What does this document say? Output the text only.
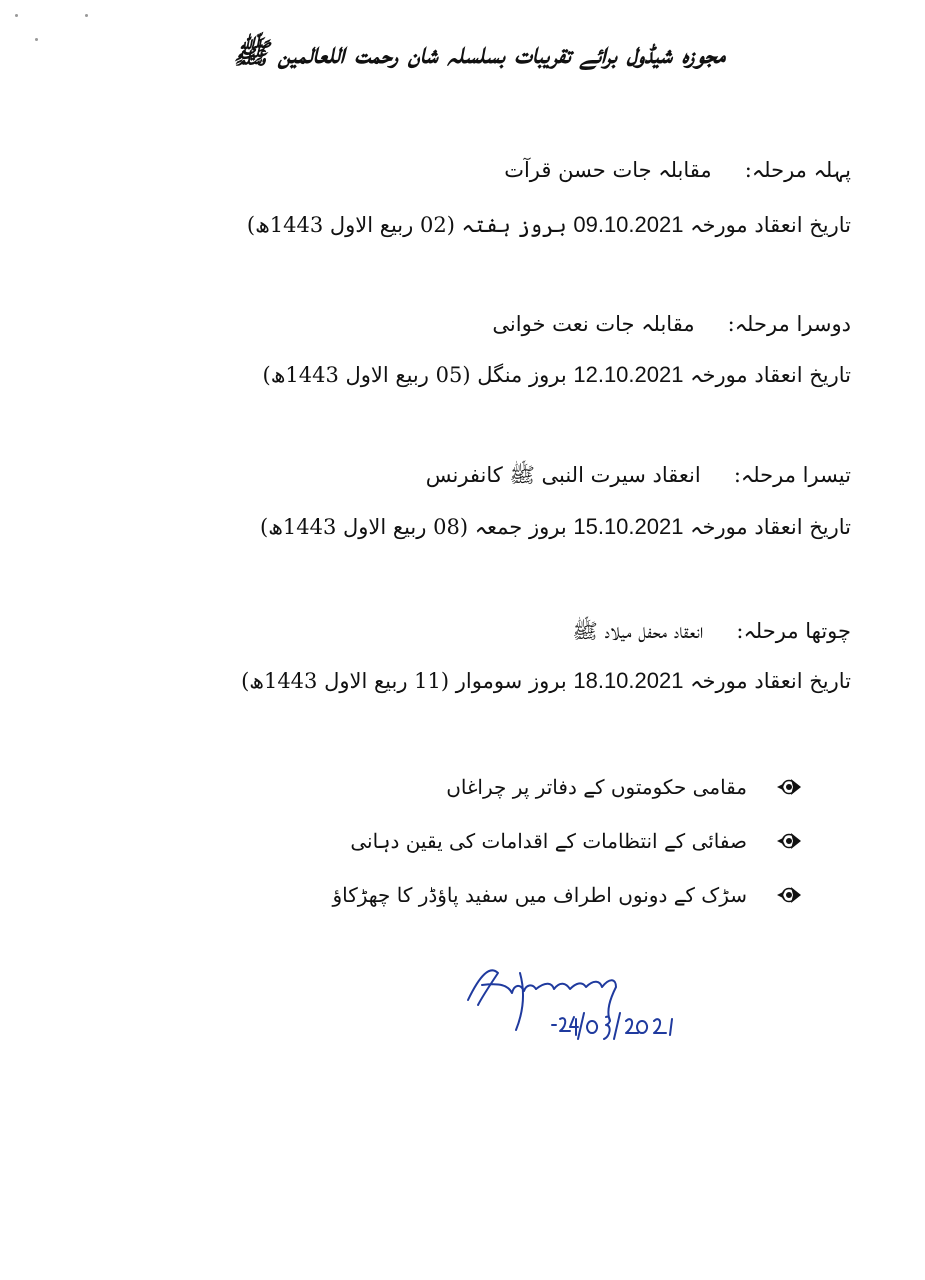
مجوزہ شیڈول برائے تقریبات بسلسلہ شان رحمت اللعالمین ﷺ
پہلہ مرحلہ: مقابلہ جات حسن قرآت
تاریخ انعقاد مورخہ 09.10.2021 بروز ہفتہ (02 ربیع الاول 1443ھ)
دوسرا مرحلہ: مقابلہ جات نعت خوانی
تاریخ انعقاد مورخہ 12.10.2021 بروز منگل (05 ربیع الاول 1443ھ)
تیسرا مرحلہ: انعقاد سیرت النبی ﷺ کانفرنس
تاریخ انعقاد مورخہ 15.10.2021 بروز جمعہ (08 ربیع الاول 1443ھ)
چوتھا مرحلہ: انعقاد محفل میلاد ﷺ
تاریخ انعقاد مورخہ 18.10.2021 بروز سوموار (11 ربیع الاول 1443ھ)
مقامی حکومتوں کے دفاتر پر چراغاں
صفائی کے انتظامات کے اقدامات کی یقین دہانی
سڑک کے دونوں اطراف میں سفید پاؤڈر کا چھڑکاؤ
